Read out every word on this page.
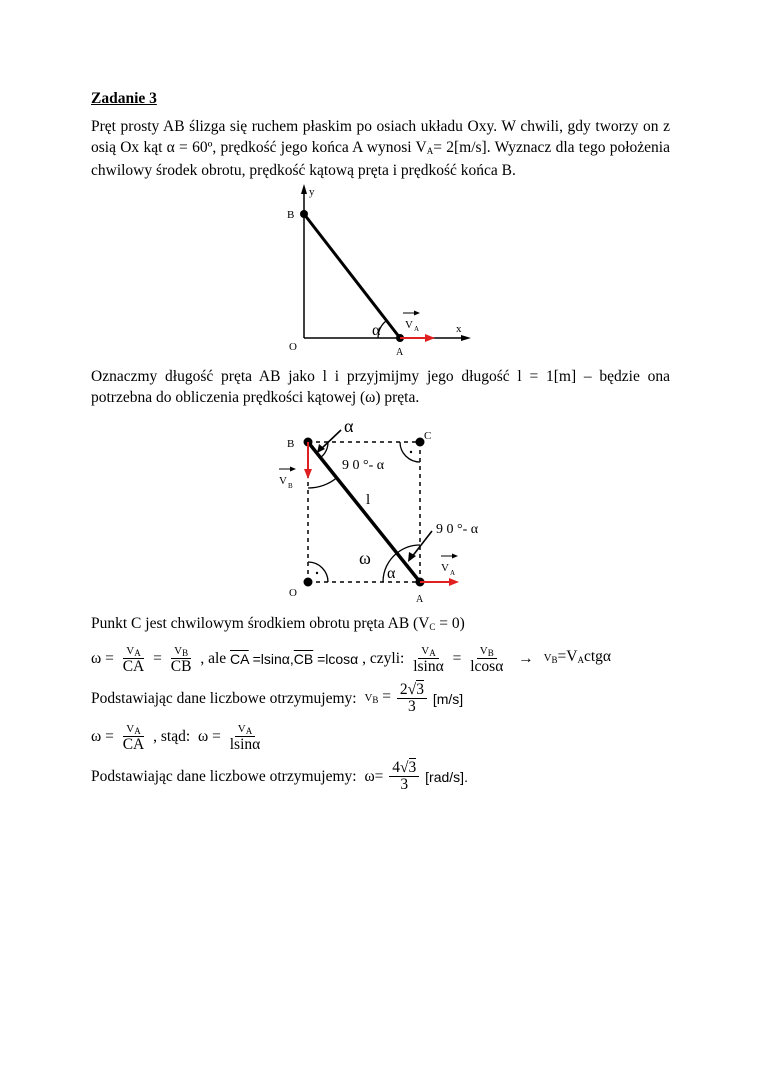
Zadanie 3
Pręt prosty AB ślizga się ruchem płaskim po osiach układu Oxy. W chwili, gdy tworzy on z osią Ox kąt α = 60º, prędkość jego końca A wynosi $V_A= 2[m/s]$. Wyznacz dla tego położenia chwilowy środek obrotu, prędkość kątową pręta i prędkość końca B.
y
B
O	A
x
α V A
Oznaczmy długość pręta AB jako l i przyjmijmy jego długość l = 1[m] – będzie ona potrzebna do obliczenia prędkości kątowej (ω) pręta.
B
C
O
A
α
9 0 °- α
9 0 °- α
l
ω
α
V B
V A
Punkt C jest chwilowym środkiem obrotu pręta AB $(V_C = 0)$
$\omega = \frac{V_A}{CA} = \frac{V_B}{CB}$ , ale $\overline{CA} =lsin\alpha,\overline{CB} =lcos\alpha$ , czyli: $\frac{V_A}{lsin\alpha} = \frac{V_B}{lcos\alpha} \to V_B=V_Actg\alpha$
Podstawiając dane liczbowe otrzymujemy: $V_B = \frac{2√3}{3} [m/s]$
$\omega = \frac{V_A}{CA}$ , stąd: $\omega = \frac{V_A}{lsin\alpha}$
Podstawiając dane liczbowe otrzymujemy: $\omega= \frac{4√3}{3} [rad/s]$.
